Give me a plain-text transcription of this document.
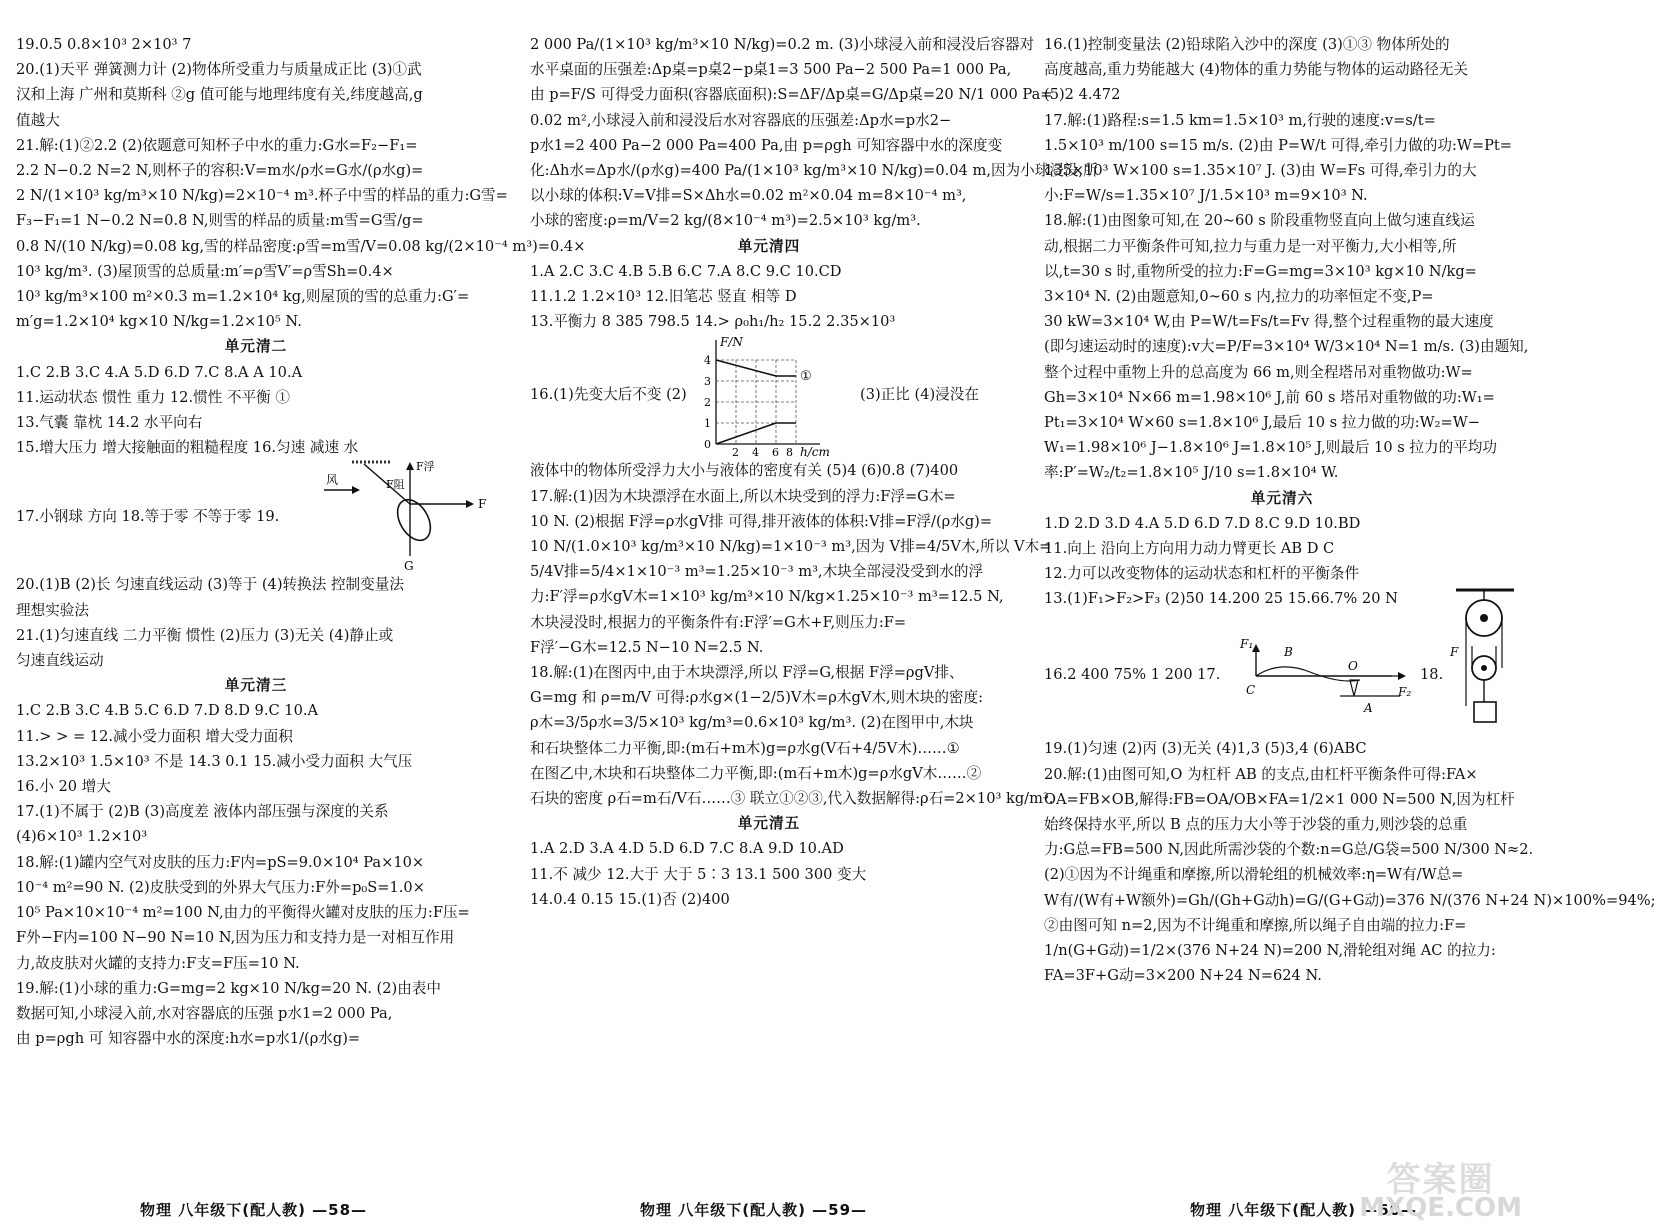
19.0.5 0.8×10³ 2×10³ 7
20.(1)天平 弹簧测力计 (2)物体所受重力与质量成正比 (3)①武
汉和上海 广州和莫斯科 ②g 值可能与地理纬度有关,纬度越高,g
值越大
21.解:(1)②2.2 (2)依题意可知杯子中水的重力:G水=F₂−F₁=
2.2 N−0.2 N=2 N,则杯子的容积:V=m水/ρ水=G水/(ρ水g)=
2 N/(1×10³ kg/m³×10 N/kg)=2×10⁻⁴ m³.杯子中雪的样品的重力:G雪=
F₃−F₁=1 N−0.2 N=0.8 N,则雪的样品的质量:m雪=G雪/g=
0.8 N/(10 N/kg)=0.08 kg,雪的样品密度:ρ雪=m雪/V=0.08 kg/(2×10⁻⁴ m³)=0.4×
10³ kg/m³. (3)屋顶雪的总质量:m′=ρ雪V′=ρ雪Sh=0.4×
10³ kg/m³×100 m²×0.3 m=1.2×10⁴ kg,则屋顶的雪的总重力:G′=
m′g=1.2×10⁴ kg×10 N/kg=1.2×10⁵ N.
单元清二
1.C 2.B 3.C 4.A 5.D 6.D 7.C 8.A A 10.A
11.运动状态 惯性 重力 12.惯性 不平衡 ①
13.气囊 靠枕 14.2 水平向右
15.增大压力 增大接触面的粗糙程度 16.匀速 减速 水
17.小钢球 方向 18.等于零 不等于零 19.
风
F浮
F阻
F
G
20.(1)B (2)长 匀速直线运动 (3)等于 (4)转换法 控制变量法
理想实验法
21.(1)匀速直线 二力平衡 惯性 (2)压力 (3)无关 (4)静止或
匀速直线运动
单元清三
1.C 2.B 3.C 4.B 5.C 6.D 7.D 8.D 9.C 10.A
11.> > = 12.减小受力面积 增大受力面积
13.2×10³ 1.5×10³ 不是 14.3 0.1 15.减小受力面积 大气压
16.小 20 增大
17.(1)不属于 (2)B (3)高度差 液体内部压强与深度的关系
(4)6×10³ 1.2×10³
18.解:(1)罐内空气对皮肤的压力:F内=pS=9.0×10⁴ Pa×10×
10⁻⁴ m²=90 N. (2)皮肤受到的外界大气压力:F外=p₀S=1.0×
10⁵ Pa×10×10⁻⁴ m²=100 N,由力的平衡得火罐对皮肤的压力:F压=
F外−F内=100 N−90 N=10 N,因为压力和支持力是一对相互作用
力,故皮肤对火罐的支持力:F支=F压=10 N.
19.解:(1)小球的重力:G=mg=2 kg×10 N/kg=20 N. (2)由表中
数据可知,小球浸入前,水对容器底的压强 p水1=2 000 Pa,
由 p=ρgh 可 知容器中水的深度:h水=p水1/(ρ水g)=
2 000 Pa/(1×10³ kg/m³×10 N/kg)=0.2 m. (3)小球浸入前和浸没后容器对
水平桌面的压强差:Δp桌=p桌2−p桌1=3 500 Pa−2 500 Pa=1 000 Pa,
由 p=F/S 可得受力面积(容器底面积):S=ΔF/Δp桌=G/Δp桌=20 N/1 000 Pa=
0.02 m²,小球浸入前和浸没后水对容器底的压强差:Δp水=p水2−
p水1=2 400 Pa−2 000 Pa=400 Pa,由 p=ρgh 可知容器中水的深度变
化:Δh水=Δp水/(ρ水g)=400 Pa/(1×10³ kg/m³×10 N/kg)=0.04 m,因为小球浸没,所
以小球的体积:V=V排=S×Δh水=0.02 m²×0.04 m=8×10⁻⁴ m³,
小球的密度:ρ=m/V=2 kg/(8×10⁻⁴ m³)=2.5×10³ kg/m³.
单元清四
1.A 2.C 3.C 4.B 5.B 6.C 7.A 8.C 9.C 10.CD
11.1.2 1.2×10³ 12.旧笔芯 竖直 相等 D
13.平衡力 8 385 798.5 14.> ρ₀h₁/h₂ 15.2 2.35×10³
16.(1)先变大后不变 (2)	(3)正比 (4)浸没在
F/N
h/cm
4
3
2
1
0
2 4 6 8
①
液体中的物体所受浮力大小与液体的密度有关 (5)4 (6)0.8 (7)400
17.解:(1)因为木块漂浮在水面上,所以木块受到的浮力:F浮=G木=
10 N. (2)根据 F浮=ρ水gV排 可得,排开液体的体积:V排=F浮/(ρ水g)=
10 N/(1.0×10³ kg/m³×10 N/kg)=1×10⁻³ m³,因为 V排=4/5V木,所以 V木=
5/4V排=5/4×1×10⁻³ m³=1.25×10⁻³ m³,木块全部浸没受到水的浮
力:F′浮=ρ水gV木=1×10³ kg/m³×10 N/kg×1.25×10⁻³ m³=12.5 N,
木块浸没时,根据力的平衡条件有:F浮′=G木+F,则压力:F=
F浮′−G木=12.5 N−10 N=2.5 N.
18.解:(1)在图丙中,由于木块漂浮,所以 F浮=G,根据 F浮=ρgV排、
G=mg 和 ρ=m/V 可得:ρ水g×(1−2/5)V木=ρ木gV木,则木块的密度:
ρ木=3/5ρ水=3/5×10³ kg/m³=0.6×10³ kg/m³. (2)在图甲中,木块
和石块整体二力平衡,即:(m石+m木)g=ρ水g(V石+4/5V木)……①
在图乙中,木块和石块整体二力平衡,即:(m石+m木)g=ρ水gV木……②
石块的密度 ρ石=m石/V石……③ 联立①②③,代入数据解得:ρ石=2×10³ kg/m³.
单元清五
1.A 2.D 3.A 4.D 5.D 6.D 7.C 8.A 9.D 10.AD
11.不 减少 12.大于 大于 5∶3 13.1 500 300 变大
14.0.4 0.15 15.(1)否 (2)400
16.(1)控制变量法 (2)铅球陷入沙中的深度 (3)①③ 物体所处的
高度越高,重力势能越大 (4)物体的重力势能与物体的运动路径无关
(5)2 4.472
17.解:(1)路程:s=1.5 km=1.5×10³ m,行驶的速度:v=s/t=
1.5×10³ m/100 s=15 m/s. (2)由 P=W/t 可得,牵引力做的功:W=Pt=
135×10³ W×100 s=1.35×10⁷ J. (3)由 W=Fs 可得,牵引力的大
小:F=W/s=1.35×10⁷ J/1.5×10³ m=9×10³ N.
18.解:(1)由图象可知,在 20~60 s 阶段重物竖直向上做匀速直线运
动,根据二力平衡条件可知,拉力与重力是一对平衡力,大小相等,所
以,t=30 s 时,重物所受的拉力:F=G=mg=3×10³ kg×10 N/kg=
3×10⁴ N. (2)由题意知,0~60 s 内,拉力的功率恒定不变,P=
30 kW=3×10⁴ W,由 P=W/t=Fs/t=Fv 得,整个过程重物的最大速度
(即匀速运动时的速度):v大=P/F=3×10⁴ W/3×10⁴ N=1 m/s. (3)由题知,
整个过程中重物上升的总高度为 66 m,则全程塔吊对重物做功:W=
Gh=3×10⁴ N×66 m=1.98×10⁶ J,前 60 s 塔吊对重物做的功:W₁=
Pt₁=3×10⁴ W×60 s=1.8×10⁶ J,最后 10 s 拉力做的功:W₂=W−
W₁=1.98×10⁶ J−1.8×10⁶ J=1.8×10⁵ J,则最后 10 s 拉力的平均功
率:P′=W₂/t₂=1.8×10⁵ J/10 s=1.8×10⁴ W.
单元清六
1.D 2.D 3.D 4.A 5.D 6.D 7.D 8.C 9.D 10.BD
11.向上 沿向上方向用力动力臂更长 AB D C
12.力可以改变物体的运动状态和杠杆的平衡条件
13.(1)F₁>F₂>F₃ (2)50 14.200 25 15.66.7% 20 N
16.2 400 75% 1 200 17.	18.
F₁
B
O
C
A
F₂
F
19.(1)匀速 (2)丙 (3)无关 (4)1,3 (5)3,4 (6)ABC
20.解:(1)由图可知,O 为杠杆 AB 的支点,由杠杆平衡条件可得:FA×
OA=FB×OB,解得:FB=OA/OB×FA=1/2×1 000 N=500 N,因为杠杆
始终保持水平,所以 B 点的压力大小等于沙袋的重力,则沙袋的总重
力:G总=FB=500 N,因此所需沙袋的个数:n=G总/G袋=500 N/300 N≈2.
(2)①因为不计绳重和摩擦,所以滑轮组的机械效率:η=W有/W总=
W有/(W有+W额外)=Gh/(Gh+G动h)=G/(G+G动)=376 N/(376 N+24 N)×100%=94%;
②由图可知 n=2,因为不计绳重和摩擦,所以绳子自由端的拉力:F=
1/n(G+G动)=1/2×(376 N+24 N)=200 N,滑轮组对绳 AC 的拉力:
FA=3F+G动=3×200 N+24 N=624 N.
物理 八年级下(配人教) —58—	物理 八年级下(配人教) —59—	物理 八年级下(配人教) —60—
答案圈
MXQE.COM
